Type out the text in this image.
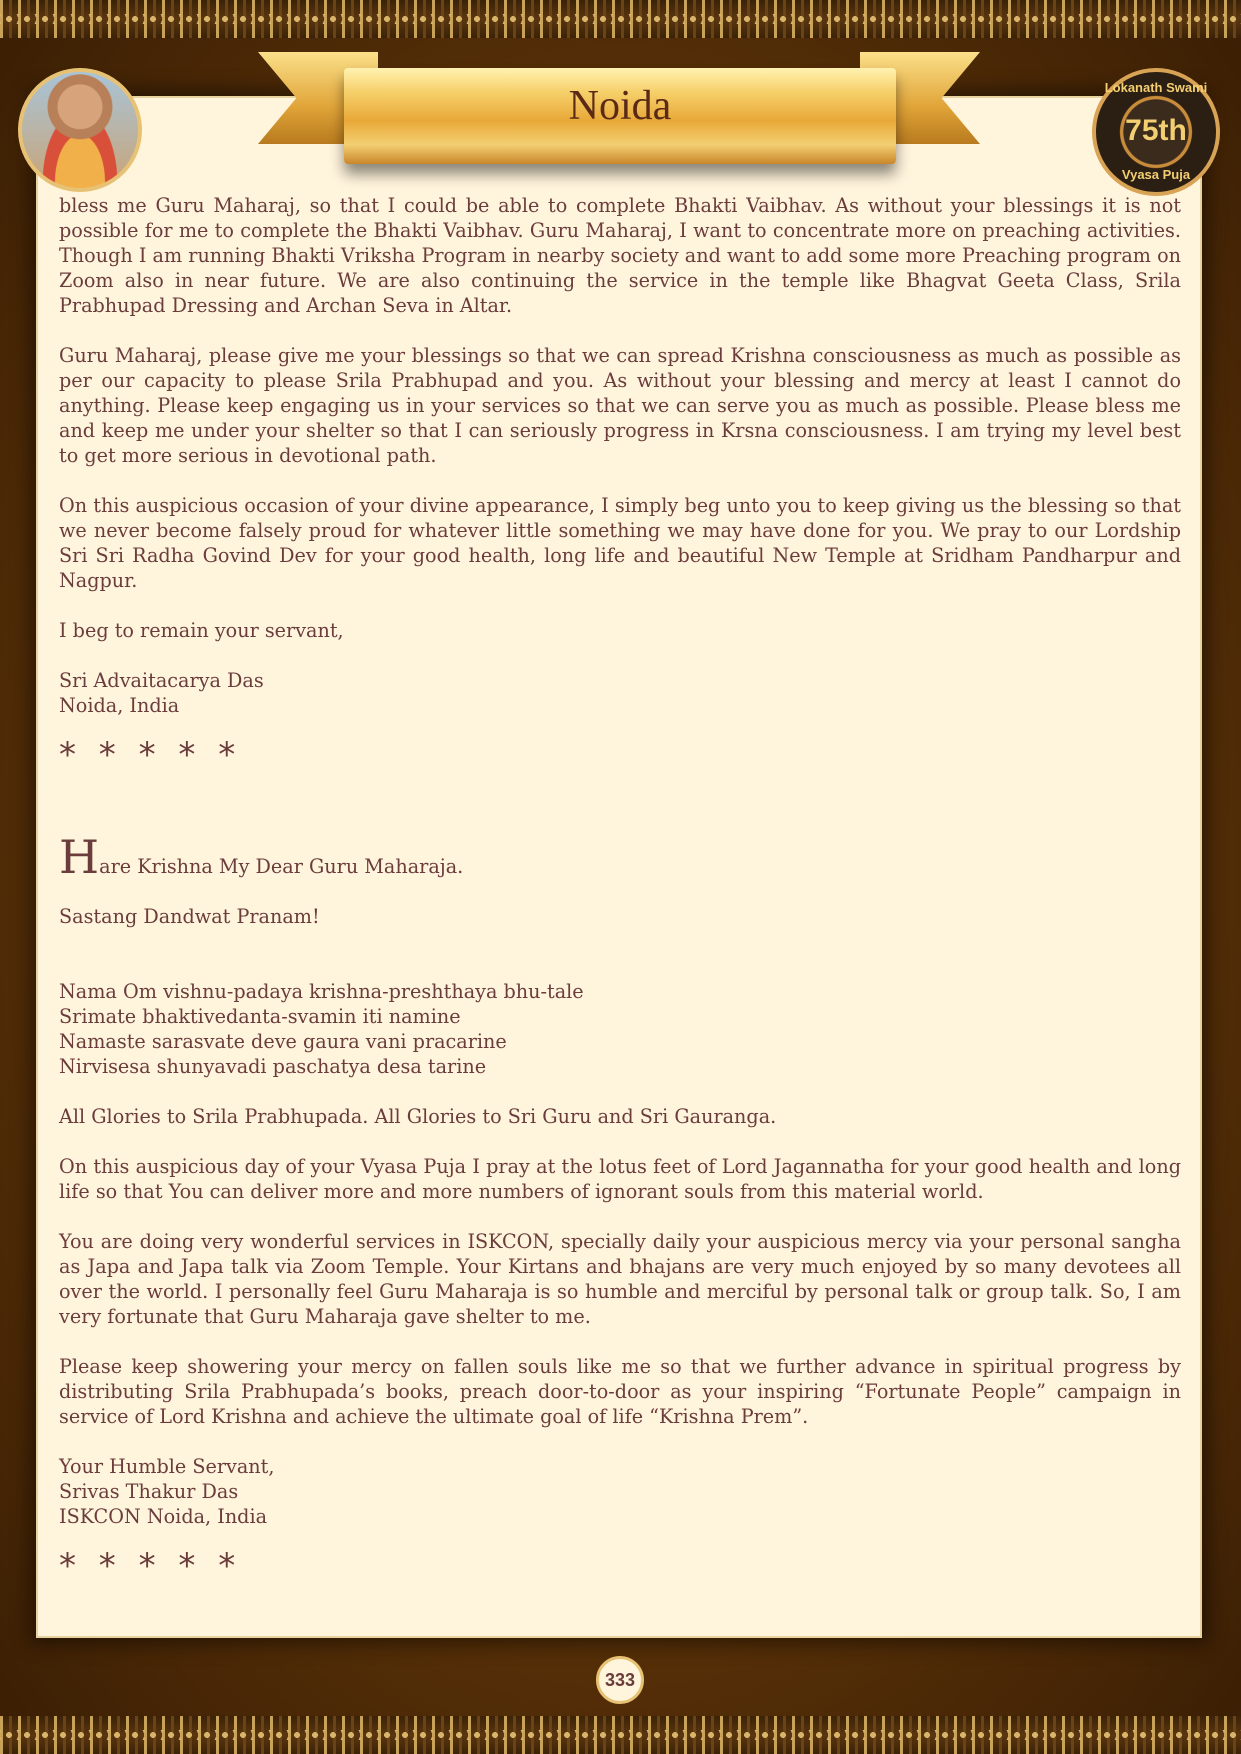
Noida	Lokanath Swami
75th
Vyasa Puja

bless me Guru Maharaj, so that I could be able to complete Bhakti Vaibhav. As without your blessings it is not possible for me to complete the Bhakti Vaibhav. Guru Maharaj, I want to concentrate more on preaching activities. Though I am running Bhakti Vriksha Program in nearby society and want to add some more Preaching program on Zoom also in near future. We are also continuing the service in the temple like Bhagvat Geeta Class, Srila Prabhupad Dressing and Archan Seva in Altar.

Guru Maharaj, please give me your blessings so that we can spread Krishna consciousness as much as possible as per our capacity to please Srila Prabhupad and you. As without your blessing and mercy at least I cannot do anything. Please keep engaging us in your services so that we can serve you as much as possible. Please bless me and keep me under your shelter so that I can seriously progress in Krsna consciousness. I am trying my level best to get more serious in devotional path.

On this auspicious occasion of your divine appearance, I simply beg unto you to keep giving us the blessing so that we never become falsely proud for whatever little something we may have done for you. We pray to our Lordship Sri Sri Radha Govind Dev for your good health, long life and beautiful New Temple at Sridham Pandharpur and Nagpur.

I beg to remain your servant,

Sri Advaitacarya Das

Noida, India

* * * * *

Hare Krishna My Dear Guru Maharaja.

Sastang Dandwat Pranam!

Nama Om vishnu-padaya krishna-preshthaya bhu-tale

Srimate bhaktivedanta-svamin iti namine

Namaste sarasvate deve gaura vani pracarine

Nirvisesa shunyavadi paschatya desa tarine

All Glories to Srila Prabhupada. All Glories to Sri Guru and Sri Gauranga.

On this auspicious day of your Vyasa Puja I pray at the lotus feet of Lord Jagannatha for your good health and long life so that You can deliver more and more numbers of ignorant souls from this material world.

You are doing very wonderful services in ISKCON, specially daily your auspicious mercy via your personal sangha as Japa and Japa talk via Zoom Temple. Your Kirtans and bhajans are very much enjoyed by so many devotees all over the world. I personally feel Guru Maharaja is so humble and merciful by personal talk or group talk. So, I am very fortunate that Guru Maharaja gave shelter to me.

Please keep showering your mercy on fallen souls like me so that we further advance in spiritual progress by distributing Srila Prabhupada’s books, preach door-to-door as your inspiring “Fortunate People” campaign in service of Lord Krishna and achieve the ultimate goal of life “Krishna Prem”.

Your Humble Servant,

Srivas Thakur Das

ISKCON Noida, India

* * * * *

333
